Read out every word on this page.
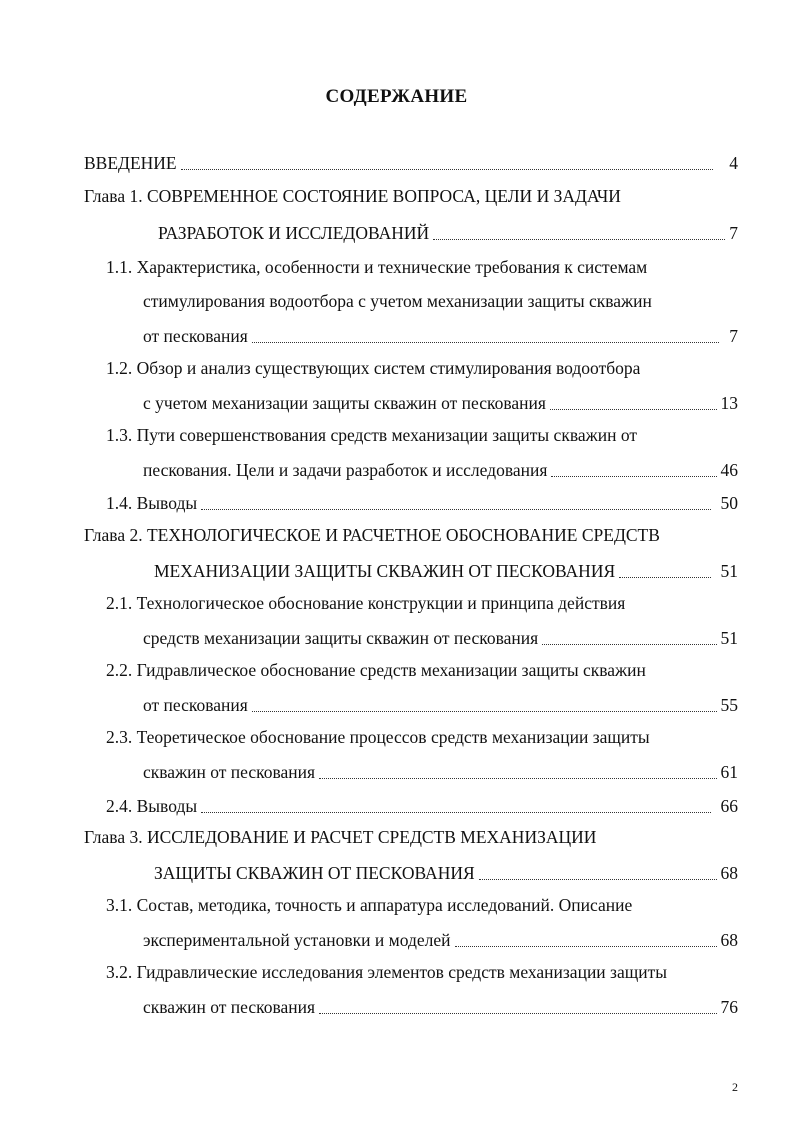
СОДЕРЖАНИЕ
ВВЕДЕНИЕ	4
Глава 1. СОВРЕМЕННОЕ СОСТОЯНИЕ ВОПРОСА, ЦЕЛИ И ЗАДАЧИ
РАЗРАБОТОК И ИССЛЕДОВАНИЙ	7
1.1. Характеристика, особенности и технические требования к системам
стимулирования водоотбора с учетом механизации защиты скважин
от пескования	7
1.2. Обзор и анализ существующих систем стимулирования водоотбора
с учетом механизации защиты скважин от пескования	13
1.3. Пути совершенствования средств механизации защиты скважин от
пескования. Цели и задачи разработок и исследования	46
1.4. Выводы	50
Глава 2. ТЕХНОЛОГИЧЕСКОЕ И РАСЧЕТНОЕ ОБОСНОВАНИЕ СРЕДСТВ
МЕХАНИЗАЦИИ ЗАЩИТЫ СКВАЖИН ОТ ПЕСКОВАНИЯ	51
2.1. Технологическое обоснование конструкции и принципа действия
средств механизации защиты скважин от пескования	51
2.2. Гидравлическое обоснование средств механизации защиты скважин
от пескования	55
2.3. Теоретическое обоснование процессов средств механизации защиты
скважин от пескования	61
2.4. Выводы	66
Глава 3. ИССЛЕДОВАНИЕ И РАСЧЕТ СРЕДСТВ МЕХАНИЗАЦИИ
ЗАЩИТЫ СКВАЖИН ОТ ПЕСКОВАНИЯ	68
3.1. Состав, методика, точность и аппаратура исследований. Описание
экспериментальной установки и моделей	68
3.2. Гидравлические исследования элементов средств механизации защиты
скважин от пескования	76
2
